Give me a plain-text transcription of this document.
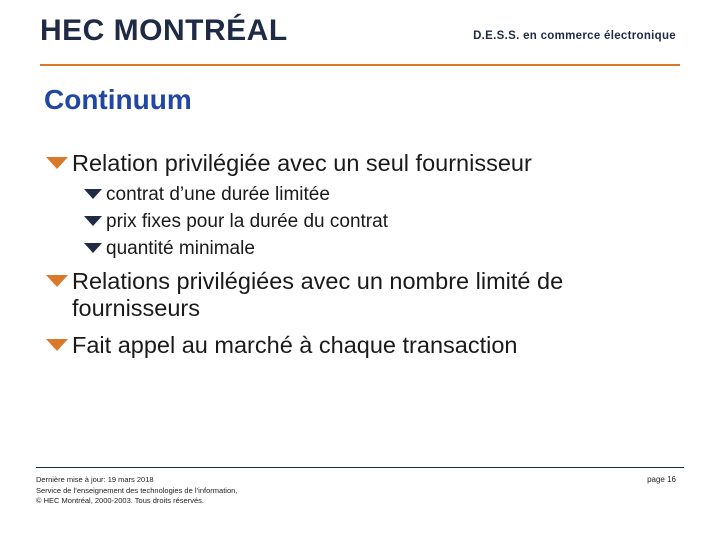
HEC MONTRÉAL	D.E.S.S. en commerce électronique
Continuum
Relation privilégiée avec un seul fournisseur
contrat d’une durée limitée
prix fixes pour la durée du contrat
quantité minimale
Relations privilégiées avec un nombre limité de fournisseurs
Fait appel au marché à chaque transaction
Dernière mise à jour: 19 mars 2018
Service de l’enseignement des technologies de l’information,
© HEC Montréal, 2000-2003. Tous droits réservés.
page 16
